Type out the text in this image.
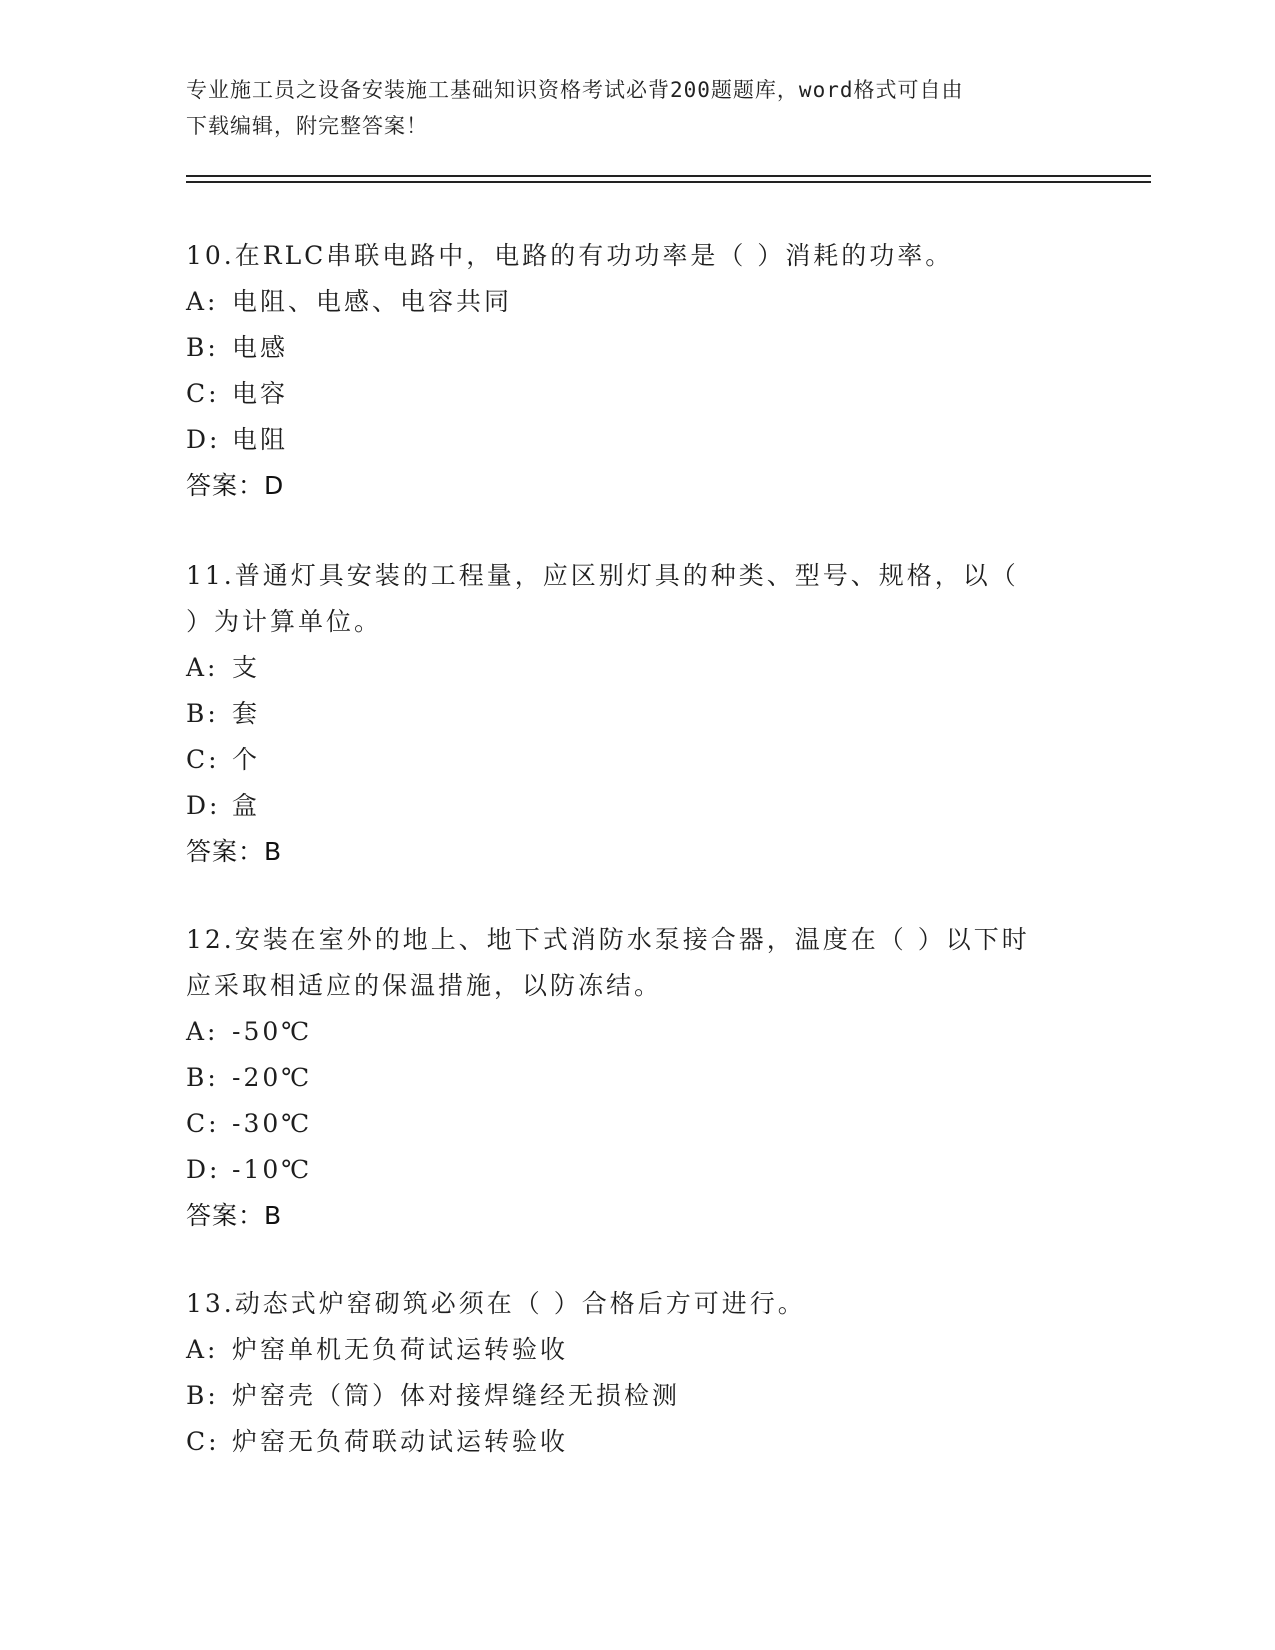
专业施工员之设备安装施工基础知识资格考试必背200题题库，word格式可自由
下载编辑，附完整答案！
10.在RLC串联电路中，电路的有功功率是（ ）消耗的功率。
A: 电阻、电感、电容共同
B: 电感
C: 电容
D: 电阻
答案：D
11.普通灯具安装的工程量，应区别灯具的种类、型号、规格，以（
）为计算单位。
A: 支
B: 套
C: 个
D: 盒
答案：B
12.安装在室外的地上、地下式消防水泵接合器，温度在（ ）以下时
应采取相适应的保温措施，以防冻结。
A: -50℃
B: -20℃
C: -30℃
D: -10℃
答案：B
13.动态式炉窑砌筑必须在（ ）合格后方可进行。
A: 炉窑单机无负荷试运转验收
B: 炉窑壳（筒）体对接焊缝经无损检测
C: 炉窑无负荷联动试运转验收
